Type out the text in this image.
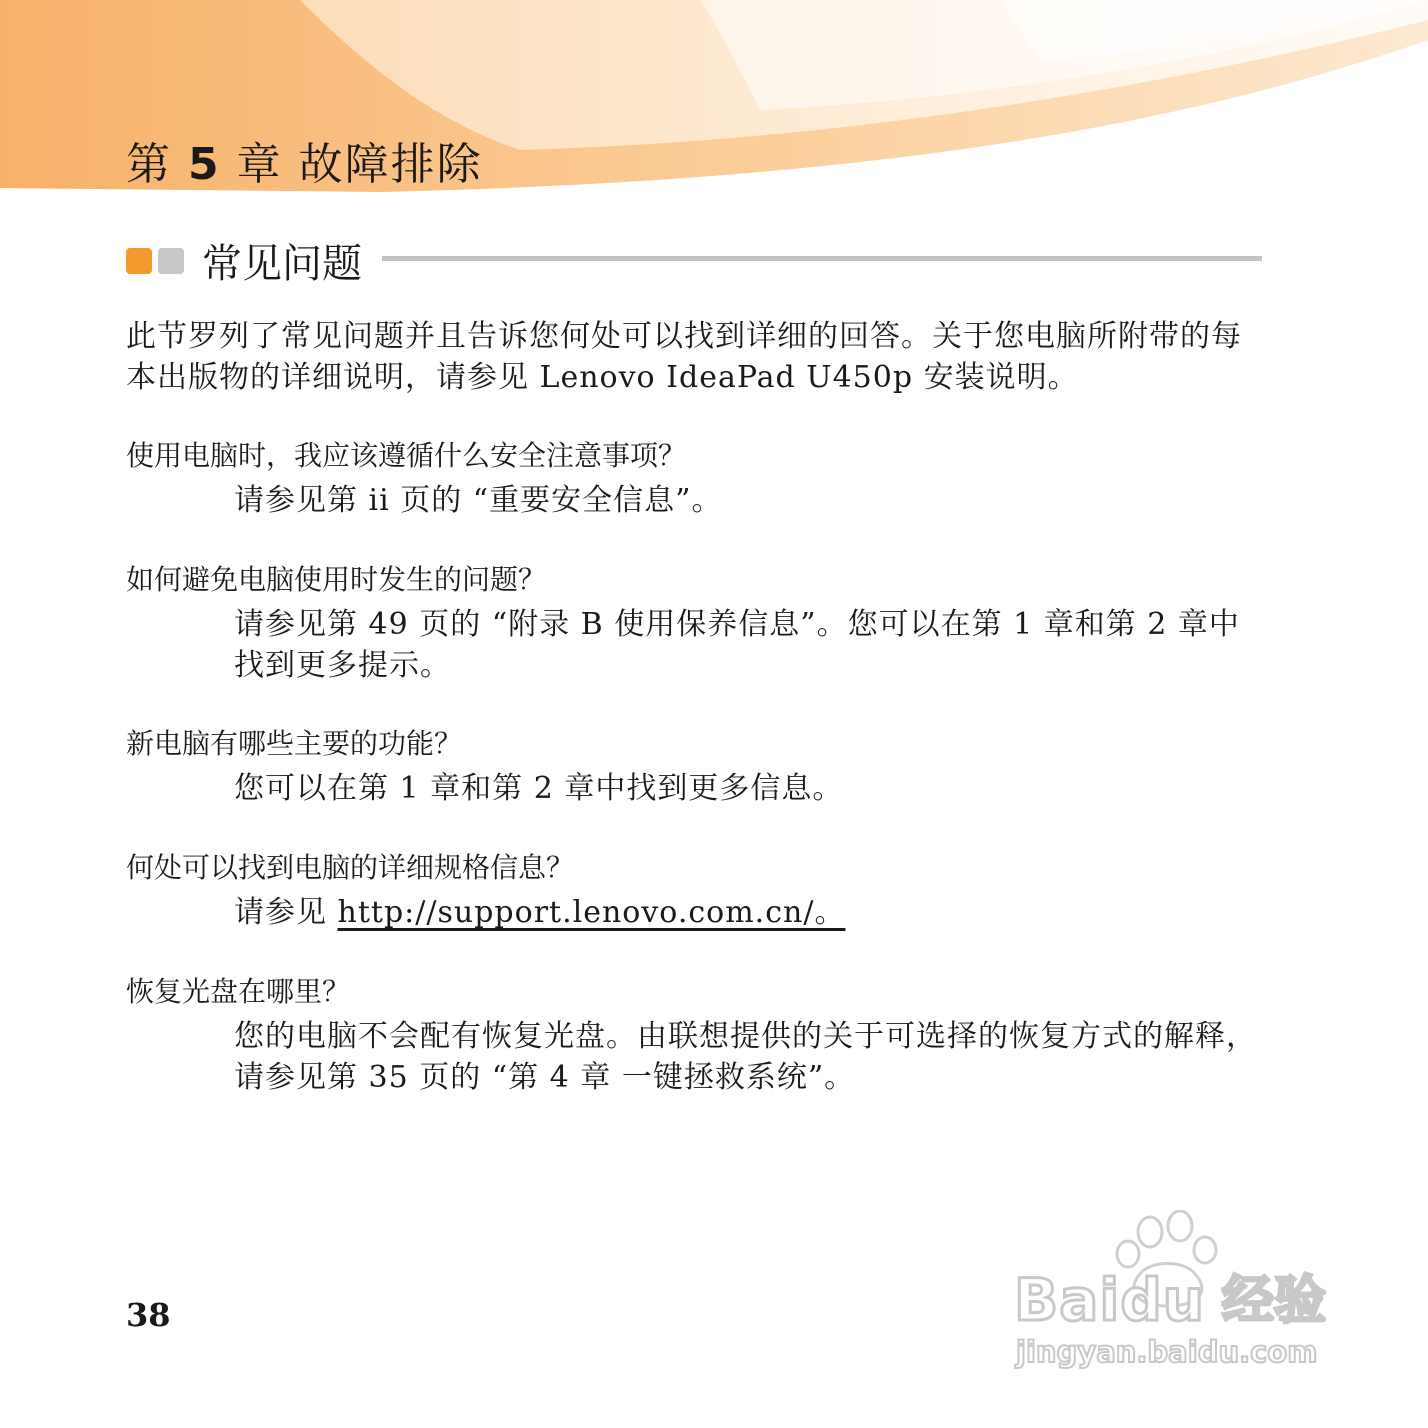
第 5 章 故障排除
常见问题

此节罗列了常见问题并且告诉您何处可以找到详细的回答。关于您电脑所附带的每本出版物的详细说明，请参见 Lenovo IdeaPad U450p 安装说明。

使用电脑时，我应该遵循什么安全注意事项？

请参见第 ii 页的 “重要安全信息”。

如何避免电脑使用时发生的问题？

请参见第 49 页的 “附录 B 使用保养信息”。您可以在第 1 章和第 2 章中找到更多提示。

新电脑有哪些主要的功能？

您可以在第 1 章和第 2 章中找到更多信息。

何处可以找到电脑的详细规格信息？

请参见 http://support.lenovo.com.cn/。

恢复光盘在哪里？

您的电脑不会配有恢复光盘。由联想提供的关于可选择的恢复方式的解释，请参见第 35 页的 “第 4 章 一键拯救系统”。

38	Baidu 经验
jingyan.baidu.com
